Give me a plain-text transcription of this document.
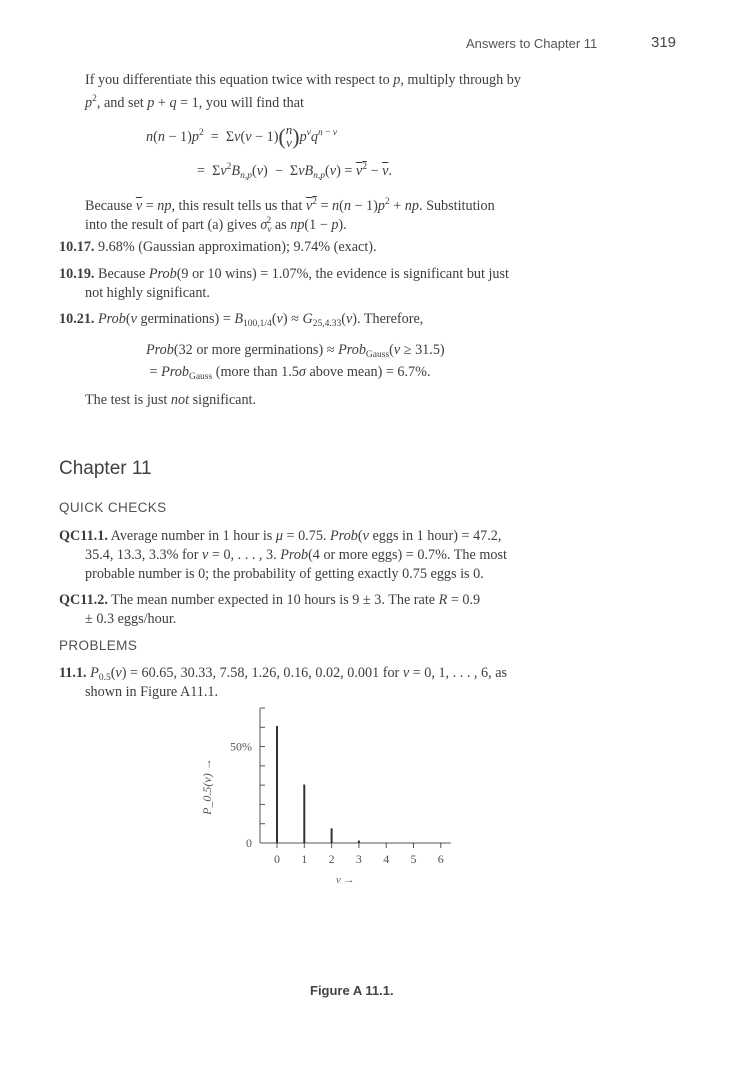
Answers to Chapter 11	319
If you differentiate this equation twice with respect to p, multiply through by
$p^2$, and set p + q = 1, you will find that
$n(n - 1)p^2 = \Sigma\nu(\nu - 1)(n$
$\nu)p^\nu q^{n - \nu}$
=  $\Sigma\nu^2B_{n,p}(\nu) - \Sigma\nu B_{n,p}(\nu) = \nu^2 - \overline{\nu}$.
Because $\overline{\nu}$ = np, this result tells us that $\nu^2 = n(n - 1)p^2$ + np. Substitution
into the result of part (a) gives $\sigma_\nu^2$ as np(1 − p).
10.17. 9.68% (Gaussian approximation); 9.74% (exact).
10.19. Because Prob(9 or 10 wins) = 1.07%, the evidence is significant but just
not highly significant.
10.21. Prob(ν germinations) = $B_{100,1/4}(\nu) \approx G_{25,4.33}(\nu)$. Therefore,
Prob(32 or more germinations) ≈ Prob$_{Gauss}$(ν ≥ 31.5)
= Prob$_{Gauss}$ (more than 1.5σ above mean) = 6.7%.
The test is just not significant.
Chapter 11
QUICK CHECKS
QC11.1. Average number in 1 hour is μ = 0.75. Prob(ν eggs in 1 hour) = 47.2,
35.4, 13.3, 3.3% for ν = 0, . . . , 3. Prob(4 or more eggs) = 0.7%. The most
probable number is 0; the probability of getting exactly 0.75 eggs is 0.
QC11.2. The mean number expected in 10 hours is 9 ± 3. The rate R = 0.9
± 0.3 eggs/hour.
PROBLEMS
11.1. $P_{0.5}(\nu) = 60.65$, 30.33, 7.58, 1.26, 0.16, 0.02, 0.001 for ν = 0, 1, . . . , 6, as
shown in Figure A11.1.
0
50%
0 1 2 3 4 5 6
ν →
P_0.5(ν) →
Figure A 11.1.
